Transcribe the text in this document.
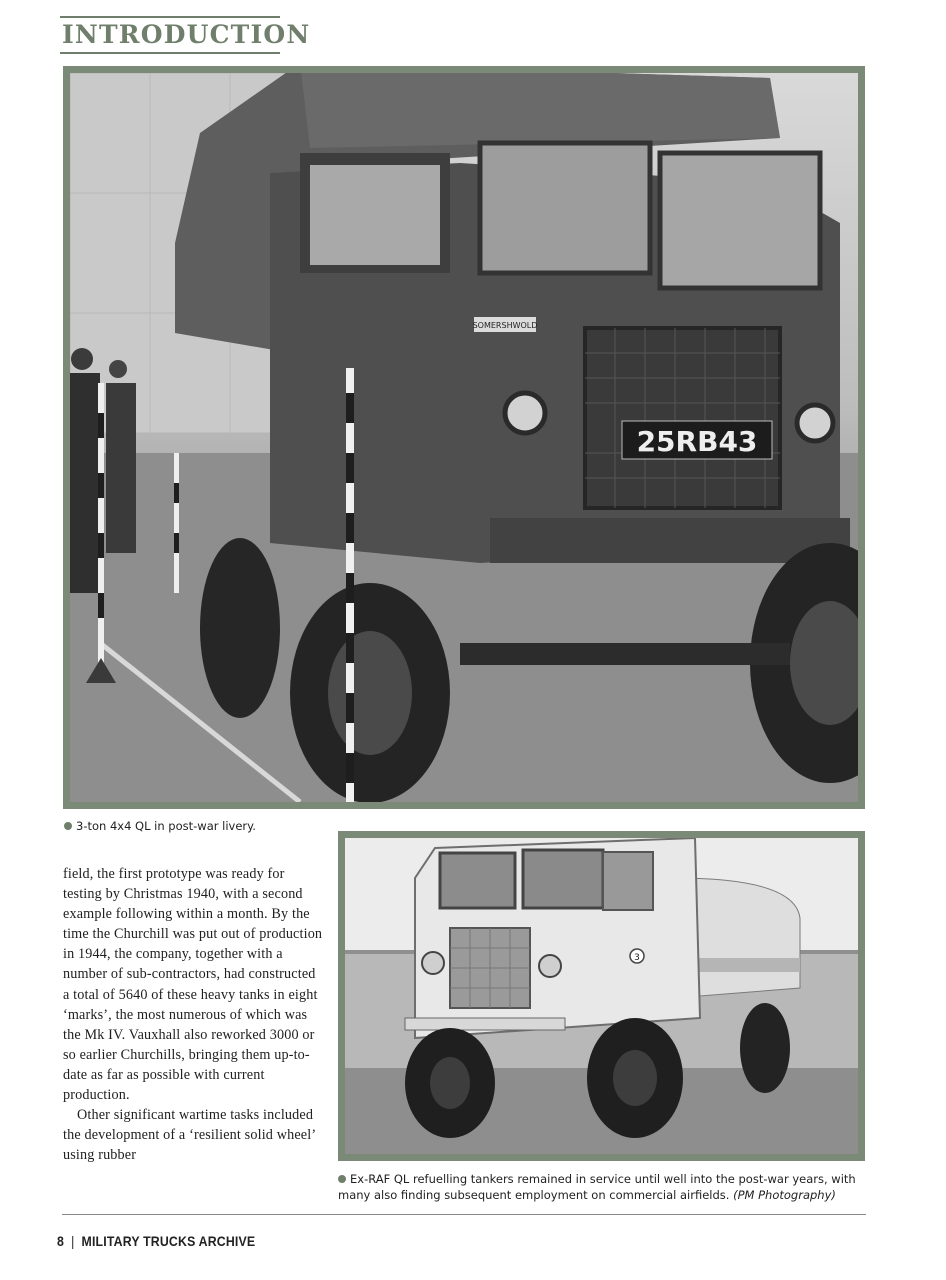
INTRODUCTION
25RB43
SOMERSHWOLD
3-ton 4x4 QL in post-war livery.
3
Ex-RAF QL refuelling tankers remained in service until well into the post-war years, with many also finding subsequent employment on commercial airfields. (PM Photography)

field, the first prototype was ready for testing by Christmas 1940, with a second example following within a month. By the time the Churchill was put out of production in 1944, the company, together with a number of sub-contractors, had constructed a total of 5640 of these heavy tanks in eight ‘marks’, the most numerous of which was the Mk IV. Vauxhall also reworked 3000 or so earlier Churchills, bringing them up-to-date as far as possible with current production.

Other significant wartime tasks included the development of a ‘resilient solid wheel’ using rubber

8 | MILITARY TRUCKS ARCHIVE
